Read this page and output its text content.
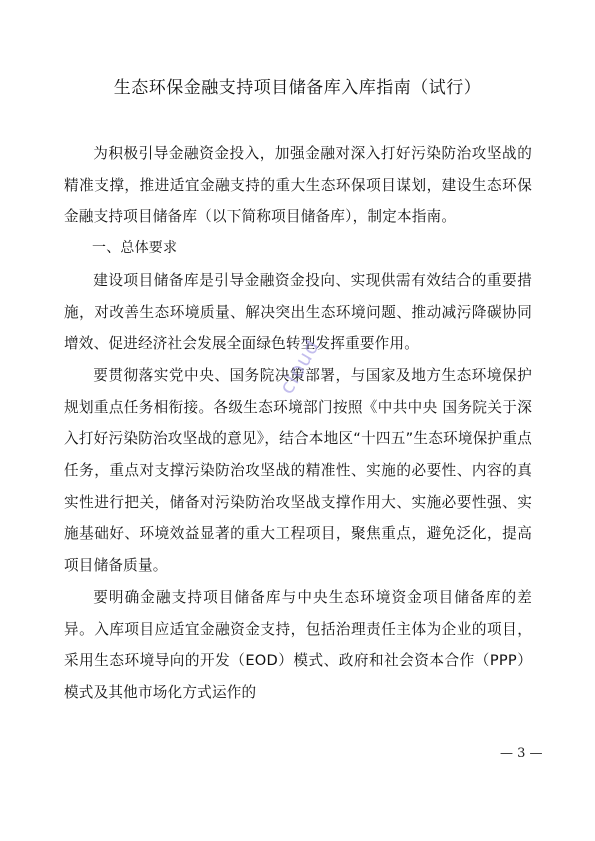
生态环保金融支持项目储备库入库指南（试行）

为积极引导金融资金投入，加强金融对深入打好污染防治攻坚战的精准支撑，推进适宜金融支持的重大生态环保项目谋划，建设生态环保金融支持项目储备库（以下简称项目储备库），制定本指南。

一、总体要求

建设项目储备库是引导金融资金投向、实现供需有效结合的重要措施，对改善生态环境质量、解决突出生态环境问题、推动减污降碳协同增效、促进经济社会发展全面绿色转型发挥重要作用。

要贯彻落实党中央、国务院决策部署，与国家及地方生态环境保护规划重点任务相衔接。各级生态环境部门按照《中共中央 国务院关于深入打好污染防治攻坚战的意见》，结合本地区“十四五”生态环境保护重点任务，重点对支撑污染防治攻坚战的精准性、实施的必要性、内容的真实性进行把关，储备对污染防治攻坚战支撑作用大、实施必要性强、实施基础好、环境效益显著的重大工程项目，聚焦重点，避免泛化，提高项目储备质量。

要明确金融支持项目储备库与中央生态环境资金项目储备库的差异。入库项目应适宜金融资金支持，包括治理责任主体为企业的项目，采用生态环境导向的开发（EOD）模式、政府和社会资本合作（PPP）模式及其他市场化方式运作的

cloud
— 3 —
